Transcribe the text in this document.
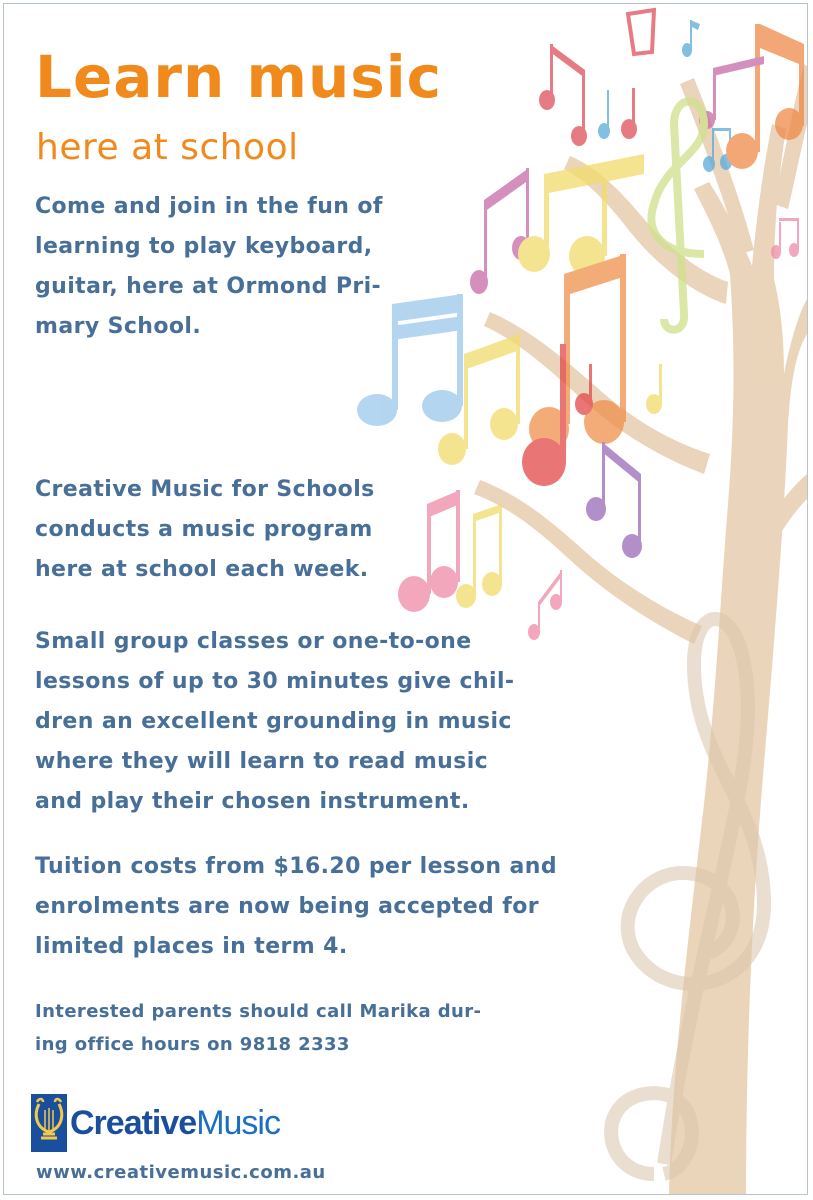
Learn music
here at school

Come and join in the fun of
learning to play keyboard,
guitar, here at Ormond Pri-
mary School.

Creative Music for Schools
conducts a music program
here at school each week.

Small group classes or one-to-one
lessons of up to 30 minutes give chil-
dren an excellent grounding in music
where they will learn to read music
and play their chosen instrument.

Tuition costs from $16.20 per lesson and
enrolments are now being accepted for
limited places in term 4.

Interested parents should call Marika dur-
ing office hours on 9818 2333

CreativeMusic

www.creativemusic.com.au
